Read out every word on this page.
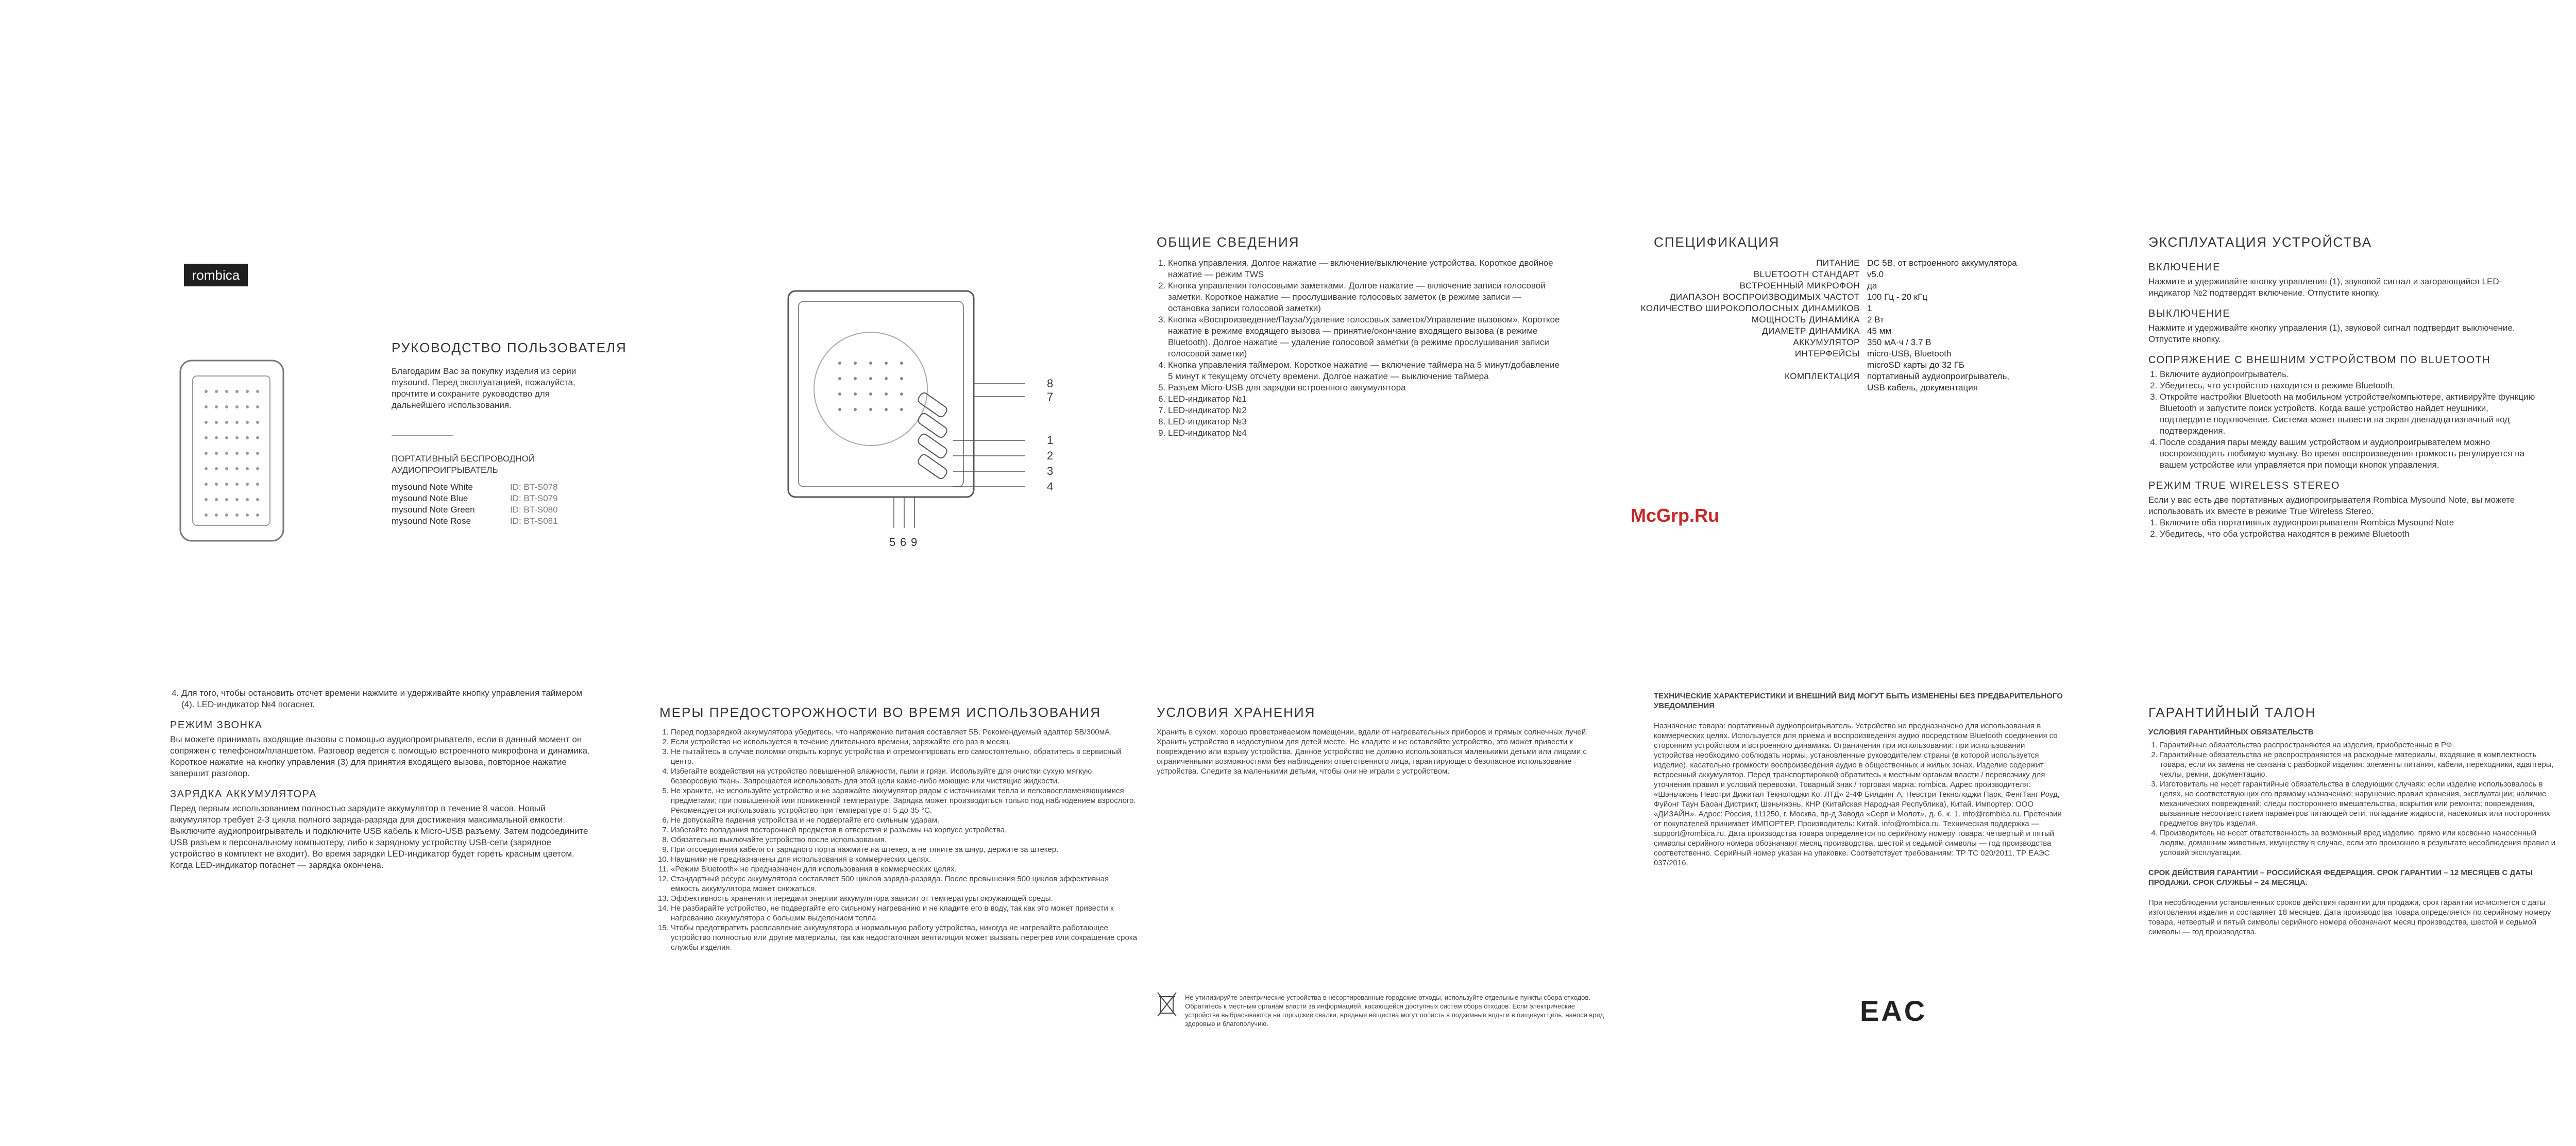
rombica
РУКОВОДСТВО ПОЛЬЗОВАТЕЛЯ
Благодарим Вас за покупку изделия из серии mysound. Перед эксплуатацией, пожалуйста, прочтите и сохраните руководство для дальнейшего использования.
ПОРТАТИВНЫЙ БЕСПРОВОДНОЙ АУДИОПРОИГРЫВАТЕЛЬ
mysound Note White	ID: BT-S078
mysound Note Blue	ID: BT-S079
mysound Note Green	ID: BT-S080
mysound Note Rose	ID: BT-S081
8
7
1
2
3
4
5 6 9
ОБЩИЕ СВЕДЕНИЯ
1. Кнопка управления. Долгое нажатие — включение/выключение устройства. Короткое двойное нажатие — режим TWS
2. Кнопка управления голосовыми заметками. Долгое нажатие — включение записи голосовой заметки. Короткое нажатие — прослушивание голосовых заметок (в режиме записи — остановка записи голосовой заметки)
3. Кнопка «Воспроизведение/Пауза/Удаление голосовых заметок/Управление вызовом». Короткое нажатие в режиме входящего вызова — принятие/окончание входящего вызова (в режиме Bluetooth). Долгое нажатие — удаление голосовой заметки (в режиме прослушивания записи голосовой заметки)
4. Кнопка управления таймером. Короткое нажатие — включение таймера на 5 минут/добавление 5 минут к текущему отсчету времени. Долгое нажатие — выключение таймера
5. Разъем Micro-USB для зарядки встроенного аккумулятора
6. LED-индикатор №1
7. LED-индикатор №2
8. LED-индикатор №3
9. LED-индикатор №4
СПЕЦИФИКАЦИЯ
ПИТАНИЕ DC 5В, от встроенного аккумулятора
BLUETOOTH СТАНДАРТ v5.0
ВСТРОЕННЫЙ МИКРОФОН да
ДИАПАЗОН ВОСПРОИЗВОДИМЫХ ЧАСТОТ 100 Гц - 20 кГц
КОЛИЧЕСТВО ШИРОКОПОЛОСНЫХ ДИНАМИКОВ 1
МОЩНОСТЬ ДИНАМИКА 2 Вт
ДИАМЕТР ДИНАМИКА 45 мм
АККУМУЛЯТОР 350 мА·ч / 3.7 В
ИНТЕРФЕЙСЫ micro-USB, Bluetooth
microSD карты до 32 ГБ
КОМПЛЕКТАЦИЯ портативный аудиопроигрыватель, USB кабель, документация
ЭКСПЛУАТАЦИЯ УСТРОЙСТВА
ВКЛЮЧЕНИЕ

Нажмите и удерживайте кнопку управления (1), звуковой сигнал и загорающийся LED-индикатор №2 подтвердят включение. Отпустите кнопку.

ВЫКЛЮЧЕНИЕ

Нажмите и удерживайте кнопку управления (1), звуковой сигнал подтвердит выключение. Отпустите кнопку.

СОПРЯЖЕНИЕ С ВНЕШНИМ УСТРОЙСТВОМ ПО BLUETOOTH
1. Включите аудиопроигрыватель.
2. Убедитесь, что устройство находится в режиме Bluetooth.
3. Откройте настройки Bluetooth на мобильном устройстве/компьютере, активируйте функцию Bluetooth и запустите поиск устройств. Когда ваше устройство найдет неушники, подтвердите подключение. Система может вывести на экран двенадцатизначный код подтверждения.
4. После создания пары между вашим устройством и аудиопроигрывателем можно воспроизводить любимую музыку. Во время воспроизведения громкость регулируется на вашем устройстве или управляется при помощи кнопок управления.
РЕЖИМ TRUE WIRELESS STEREO

Если у вас есть две портативных аудиопроигрывателя Rombica Mysound Note, вы можете использовать их вместе в режиме True Wireless Stereo.

1. Включите оба портативных аудиопроигрывателя Rombica Mysound Note
2. Убедитесь, что оба устройства находятся в режиме Bluetooth
McGrp.Ru
4. Для того, чтобы остановить отсчет времени нажмите и удерживайте кнопку управления таймером (4). LED-индикатор №4 погаснет.
РЕЖИМ ЗВОНКА

Вы можете принимать входящие вызовы с помощью аудиопроигрывателя, если в данный момент он сопряжен с телефоном/планшетом. Разговор ведется с помощью встроенного микрофона и динамика. Короткое нажатие на кнопку управления (3) для принятия входящего вызова, повторное нажатие завершит разговор.

ЗАРЯДКА АККУМУЛЯТОРА

Перед первым использованием полностью зарядите аккумулятор в течение 8 часов. Новый аккумулятор требует 2-3 цикла полного заряда-разряда для достижения максимальной емкости. Выключите аудиопроигрыватель и подключите USB кабель к Micro-USB разъему. Затем подсоедините USB разъем к персональному компьютеру, либо к зарядному устройству USB-сети (зарядное устройство в комплект не входит). Во время зарядки LED-индикатор будет гореть красным цветом. Когда LED-индикатор погаснет — зарядка окончена.

МЕРЫ ПРЕДОСТОРОЖНОСТИ ВО ВРЕМЯ ИСПОЛЬЗОВАНИЯ
1. Перед подзарядкой аккумулятора убедитесь, что напряжение питания составляет 5В. Рекомендуемый адаптер 5В/300мА.
2. Если устройство не используется в течение длительного времени, заряжайте его раз в месяц.
3. Не пытайтесь в случае поломки открыть корпус устройства и отремонтировать его самостоятельно, обратитесь в сервисный центр.
4. Избегайте воздействия на устройство повышенной влажности, пыли и грязи. Используйте для очистки сухую мягкую безворсовую ткань. Запрещается использовать для этой цели какие-либо моющие или чистящие жидкости.
5. Не храните, не используйте устройство и не заряжайте аккумулятор рядом с источниками тепла и легковоспламеняющимися предметами; при повышенной или пониженной температуре. Зарядка может производиться только под наблюдением взрослого. Рекомендуется использовать устройство при температуре от 5 до 35 °С.
6. Не допускайте падения устройства и не подвергайте его сильным ударам.
7. Избегайте попадания посторонней предметов в отверстия и разъемы на корпусе устройства.
8. Обязательно выключайте устройство после использования.
9. При отсоединении кабеля от зарядного порта нажмите на штекер, а не тяните за шнур, держите за штекер.
10. Наушники не предназначены для использования в коммерческих целях.
11. «Режим Bluetooth» не предназначен для использования в коммерческих целях.
12. Стандартный ресурс аккумулятора составляет 500 циклов заряда-разряда. После превышения 500 циклов эффективная емкость аккумулятора может снижаться.
13. Эффективность хранения и передачи энергии аккумулятора зависит от температуры окружающей среды.
14. Не разбирайте устройство, не подвергайте его сильному нагреванию и не кладите его в воду, так как это может привести к нагреванию аккумулятора с большим выделением тепла.
15. Чтобы предотвратить расплавление аккумулятора и нормальную работу устройства, никогда не нагревайте работающее устройство полностью или другие материалы, так как недостаточная вентиляция может вызвать перегрев или сокращение срока службы изделия.
УСЛОВИЯ ХРАНЕНИЯ
Хранить в сухом, хорошо проветриваемом помещении, вдали от нагревательных приборов и прямых солнечных лучей. Хранить устройство в недоступном для детей месте. Не кладите и не оставляйте устройство, это может привести к повреждению или взрыву устройства. Данное устройство не должно использоваться маленькими детьми или лицами с ограниченными возможностями без наблюдения ответственного лица, гарантирующего безопасное использование устройства. Следите за маленькими детьми, чтобы они не играли с устройством.
Не утилизируйте электрические устройства в несортированные городские отходы, используйте отдельные пункты сбора отходов. Обратитесь к местным органам власти за информацией, касающейся доступных систем сбора отходов. Если электрические устройства выбрасываются на городские свалки, вредные вещества могут попасть в подземные воды и в пищевую цепь, нанося вред здоровью и благополучию.
ТЕХНИЧЕСКИЕ ХАРАКТЕРИСТИКИ И ВНЕШНИЙ ВИД МОГУТ БЫТЬ ИЗМЕНЕНЫ БЕЗ ПРЕДВАРИТЕЛЬНОГО УВЕДОМЛЕНИЯ
Назначение товара: портативный аудиопроигрыватель. Устройство не предназначено для использования в коммерческих целях. Используется для приема и воспроизведения аудио посредством Bluetooth соединения со сторонним устройством и встроенного динамика. Ограничения при использовании: при использовании устройства необходимо соблюдать нормы, установленные руководителем страны (в которой используется изделие), касательно громкости воспроизведения аудио в общественных и жилых зонах. Изделие содержит встроенный аккумулятор. Перед транспортировкой обратитесь к местным органам власти / перевозчику для уточнения правил и условий перевозки. Товарный знак / торговая марка: rombica. Адрес производителя: «Шэньчжэнь Невстри Дижитал Текнолоджи Ко. ЛТД» 2-4Ф Билдинг А, Невстри Текнолоджи Парк, ФенгТанг Роуд, Фуйонг Таун Баоан Дистрикт, Шэньчжэнь, КНР (Китайская Народная Республика), Китай. Импортер: ООО «ДИЗАЙН». Адрес: Россия, 111250, г. Москва, пр-д Завода «Серп и Молот», д. 6, к. 1. info@rombica.ru. Претензии от покупателей принимает ИМПОРТЕР. Производитель: Китай. info@rombica.ru. Техническая поддержка — support@rombica.ru. Дата производства товара определяется по серийному номеру товара: четвертый и пятый символы серийного номера обозначают месяц производства, шестой и седьмой символы — год производства соответственно. Серийный номер указан на упаковке. Соответствует требованиям: ТР ТС 020/2011, ТР ЕАЭС 037/2016.
EAC
ГАРАНТИЙНЫЙ ТАЛОН
УСЛОВИЯ ГАРАНТИЙНЫХ ОБЯЗАТЕЛЬСТВ
1. Гарантийные обязательства распространяются на изделия, приобретенные в РФ.
2. Гарантийные обязательства не распространяются на расходные материалы, входящие в комплектность товара, если их замена не связана с разборкой изделия: элементы питания, кабели, переходники, адаптеры, чехлы, ремни, документацию.
3. Изготовитель не несет гарантийные обязательства в следующих случаях: если изделие использовалось в целях, не соответствующих его прямому назначению; нарушение правил хранения, эксплуатации; наличие механических повреждений; следы постороннего вмешательства, вскрытия или ремонта; повреждения, вызванные несоответствием параметров питающей сети; попадание жидкости, насекомых или посторонних предметов внутрь изделия.
4. Производитель не несет ответственность за возможный вред изделию, прямо или косвенно нанесенный людям, домашним животным, имуществу в случае, если это произошло в результате несоблюдения правил и условий эксплуатации.
СРОК ДЕЙСТВИЯ ГАРАНТИИ – РОССИЙСКАЯ ФЕДЕРАЦИЯ. СРОК ГАРАНТИИ – 12 МЕСЯЦЕВ С ДАТЫ ПРОДАЖИ. СРОК СЛУЖБЫ – 24 МЕСЯЦА.
При несоблюдении установленных сроков действия гарантии для продажи, срок гарантии исчисляется с даты изготовления изделия и составляет 18 месяцев. Дата производства товара определяется по серийному номеру товара, четвертый и пятый символы серийного номера обозначают месяц производства, шестой и седьмой символы — год производства.
